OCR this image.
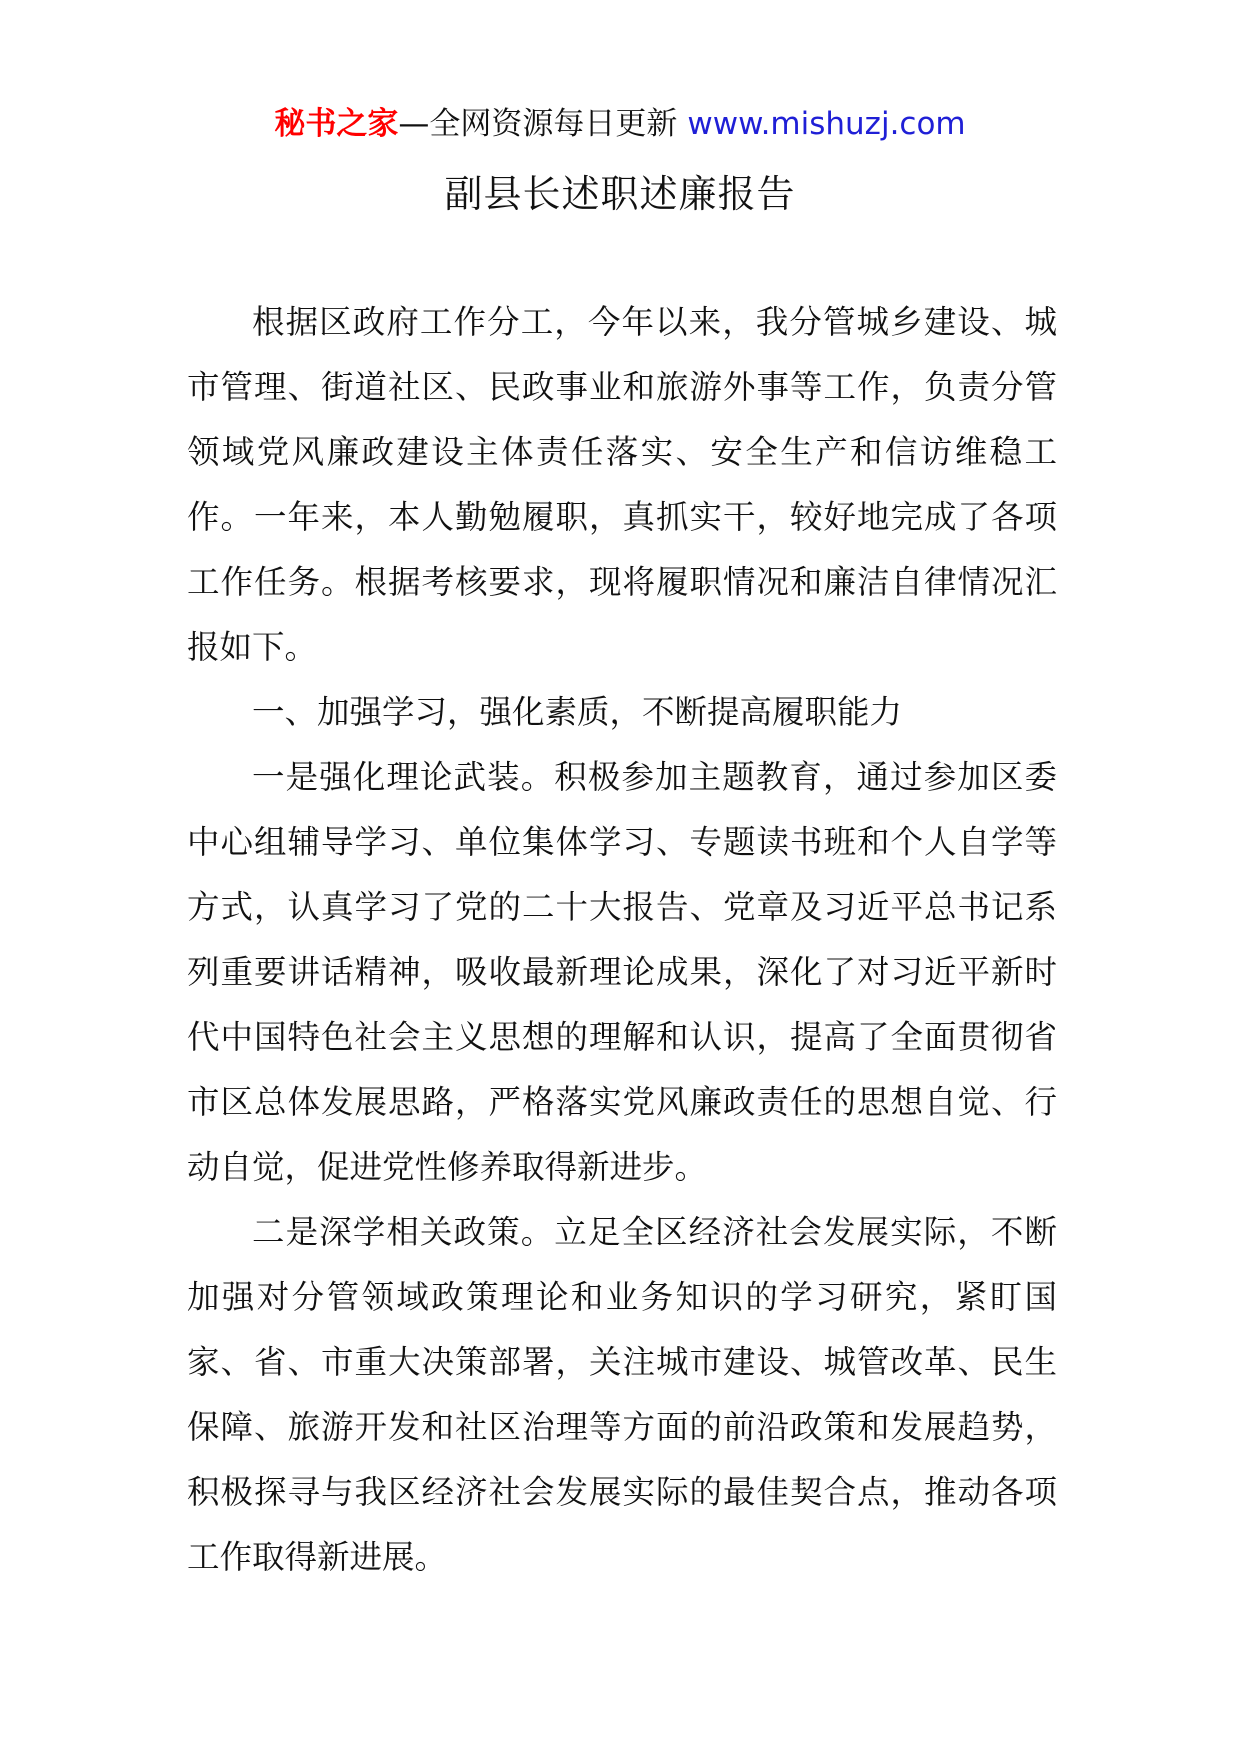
秘书之家—全网资源每日更新 www.mishuzj.com
副县长述职述廉报告

根据区政府工作分工，今年以来，我分管城乡建设、城市管理、街道社区、民政事业和旅游外事等工作，负责分管领域党风廉政建设主体责任落实、安全生产和信访维稳工作。一年来，本人勤勉履职，真抓实干，较好地完成了各项工作任务。根据考核要求，现将履职情况和廉洁自律情况汇报如下。

一、加强学习，强化素质，不断提高履职能力

一是强化理论武装。积极参加主题教育，通过参加区委中心组辅导学习、单位集体学习、专题读书班和个人自学等方式，认真学习了党的二十大报告、党章及习近平总书记系列重要讲话精神，吸收最新理论成果，深化了对习近平新时代中国特色社会主义思想的理解和认识，提高了全面贯彻省市区总体发展思路，严格落实党风廉政责任的思想自觉、行动自觉，促进党性修养取得新进步。

二是深学相关政策。立足全区经济社会发展实际，不断加强对分管领域政策理论和业务知识的学习研究，紧盯国家、省、市重大决策部署，关注城市建设、城管改革、民生保障、旅游开发和社区治理等方面的前沿政策和发展趋势，积极探寻与我区经济社会发展实际的最佳契合点，推动各项工作取得新进展。
